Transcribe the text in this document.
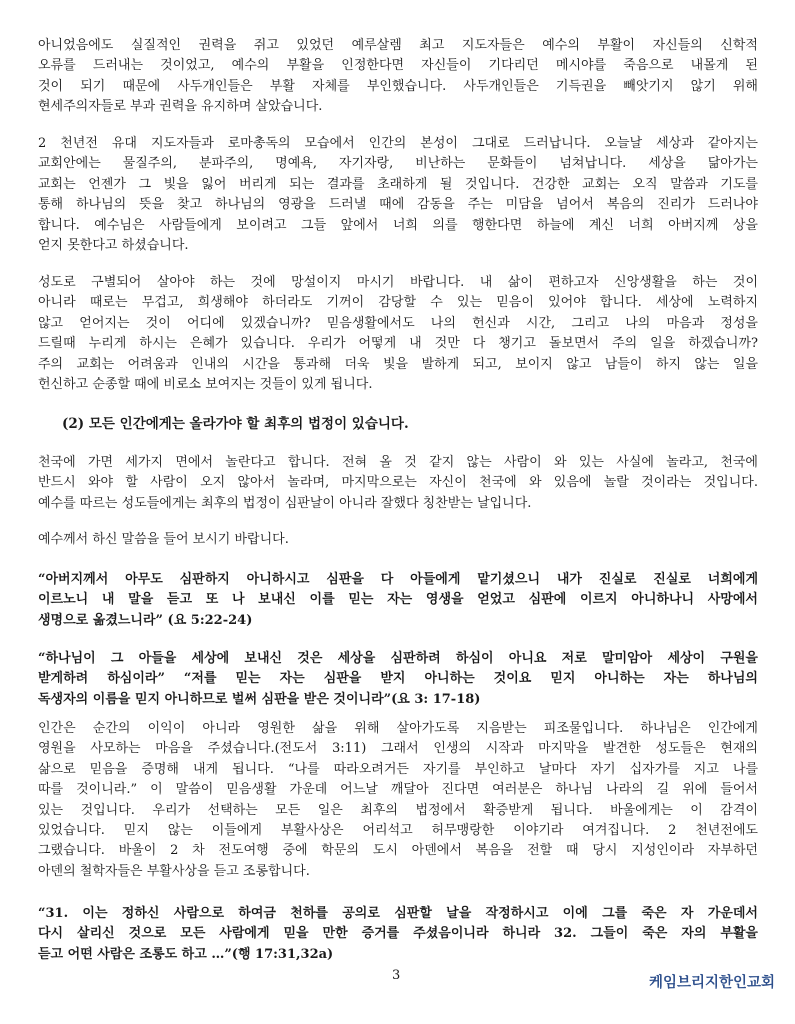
아니었음에도 실질적인 권력을 쥐고 있었던 예루살렘 최고 지도자들은 예수의 부활이 자신들의 신학적
오류를 드러내는 것이었고, 예수의 부활을 인정한다면 자신들이 기다리던 메시야를 죽음으로 내몰게 된
것이 되기 때문에 사두개인들은 부활 자체를 부인했습니다. 사두개인들은 기득권을 빼앗기지 않기 위해
현세주의자들로 부과 권력을 유지하며 살았습니다.
2 천년전 유대 지도자들과 로마총독의 모습에서 인간의 본성이 그대로 드러납니다. 오늘날 세상과 같아지는
교회안에는 물질주의, 분파주의, 명예욕, 자기자랑, 비난하는 문화들이 넘쳐납니다. 세상을 닮아가는
교회는 언젠가 그 빛을 잃어 버리게 되는 결과를 초래하게 될 것입니다. 건강한 교회는 오직 말씀과 기도를
통해 하나님의 뜻을 찾고 하나님의 영광을 드러낼 때에 감동을 주는 미담을 넘어서 복음의 진리가 드러나야
합니다. 예수님은 사람들에게 보이려고 그들 앞에서 너희 의를 행한다면 하늘에 계신 너희 아버지께 상을
얻지 못한다고 하셨습니다.
성도로 구별되어 살아야 하는 것에 망설이지 마시기 바랍니다. 내 삶이 편하고자 신앙생활을 하는 것이
아니라 때로는 무겁고, 희생해야 하더라도 기꺼이 감당할 수 있는 믿음이 있어야 합니다. 세상에 노력하지
않고 얻어지는 것이 어디에 있겠습니까? 믿음생활에서도 나의 헌신과 시간, 그리고 나의 마음과 정성을
드릴때 누리게 하시는 은혜가 있습니다. 우리가 어떻게 내 것만 다 챙기고 돌보면서 주의 일을 하겠습니까?
주의 교회는 어려움과 인내의 시간을 통과해 더욱 빛을 발하게 되고, 보이지 않고 남들이 하지 않는 일을
헌신하고 순종할 때에 비로소 보여지는 것들이 있게 됩니다.
(2) 모든 인간에게는 올라가야 할 최후의 법정이 있습니다.
천국에 가면 세가지 면에서 놀란다고 합니다. 전혀 올 것 같지 않는 사람이 와 있는 사실에 놀라고, 천국에
반드시 와야 할 사람이 오지 않아서 놀라며, 마지막으로는 자신이 천국에 와 있음에 놀랄 것이라는 것입니다.
예수를 따르는 성도들에게는 최후의 법정이 심판날이 아니라 잘했다 칭찬받는 날입니다.
예수께서 하신 말씀을 들어 보시기 바랍니다.
“아버지께서 아무도 심판하지 아니하시고 심판을 다 아들에게 맡기셨으니 내가 진실로 진실로 너희에게
이르노니 내 말을 듣고 또 나 보내신 이를 믿는 자는 영생을 얻었고 심판에 이르지 아니하나니 사망에서
생명으로 옮겼느니라” (요 5:22-24)
“하나님이 그 아들을 세상에 보내신 것은 세상을 심판하려 하심이 아니요 저로 말미암아 세상이 구원을
받게하려 하심이라” “저를 믿는 자는 심판을 받지 아니하는 것이요 믿지 아니하는 자는 하나님의
독생자의 이름을 믿지 아니하므로 벌써 심판을 받은 것이니라”(요 3: 17-18)
인간은 순간의 이익이 아니라 영원한 삶을 위해 살아가도록 지음받는 피조물입니다. 하나님은 인간에게
영원을 사모하는 마음을 주셨습니다.(전도서 3:11) 그래서 인생의 시작과 마지막을 발견한 성도들은 현재의
삶으로 믿음을 증명해 내게 됩니다. “나를 따라오려거든 자기를 부인하고 날마다 자기 십자가를 지고 나를
따를 것이니라.” 이 말씀이 믿음생활 가운데 어느날 깨달아 진다면 여러분은 하나님 나라의 길 위에 들어서
있는 것입니다. 우리가 선택하는 모든 일은 최후의 법정에서 확증받게 됩니다. 바울에게는 이 감격이
있었습니다. 믿지 않는 이들에게 부활사상은 어리석고 허무맹랑한 이야기라 여겨집니다. 2 천년전에도
그랬습니다. 바울이 2 차 전도여행 중에 학문의 도시 아덴에서 복음을 전할 때 당시 지성인이라 자부하던
아덴의 철학자들은 부활사상을 듣고 조롱합니다.
“31. 이는 정하신 사람으로 하여금 천하를 공의로 심판할 날을 작정하시고 이에 그를 죽은 자 가운데서
다시 살리신 것으로 모든 사람에게 믿을 만한 증거를 주셨음이니라 하니라 32. 그들이 죽은 자의 부활을
듣고 어떤 사람은 조롱도 하고 …”(행 17:31,32a)
3	케임브리지한인교회
